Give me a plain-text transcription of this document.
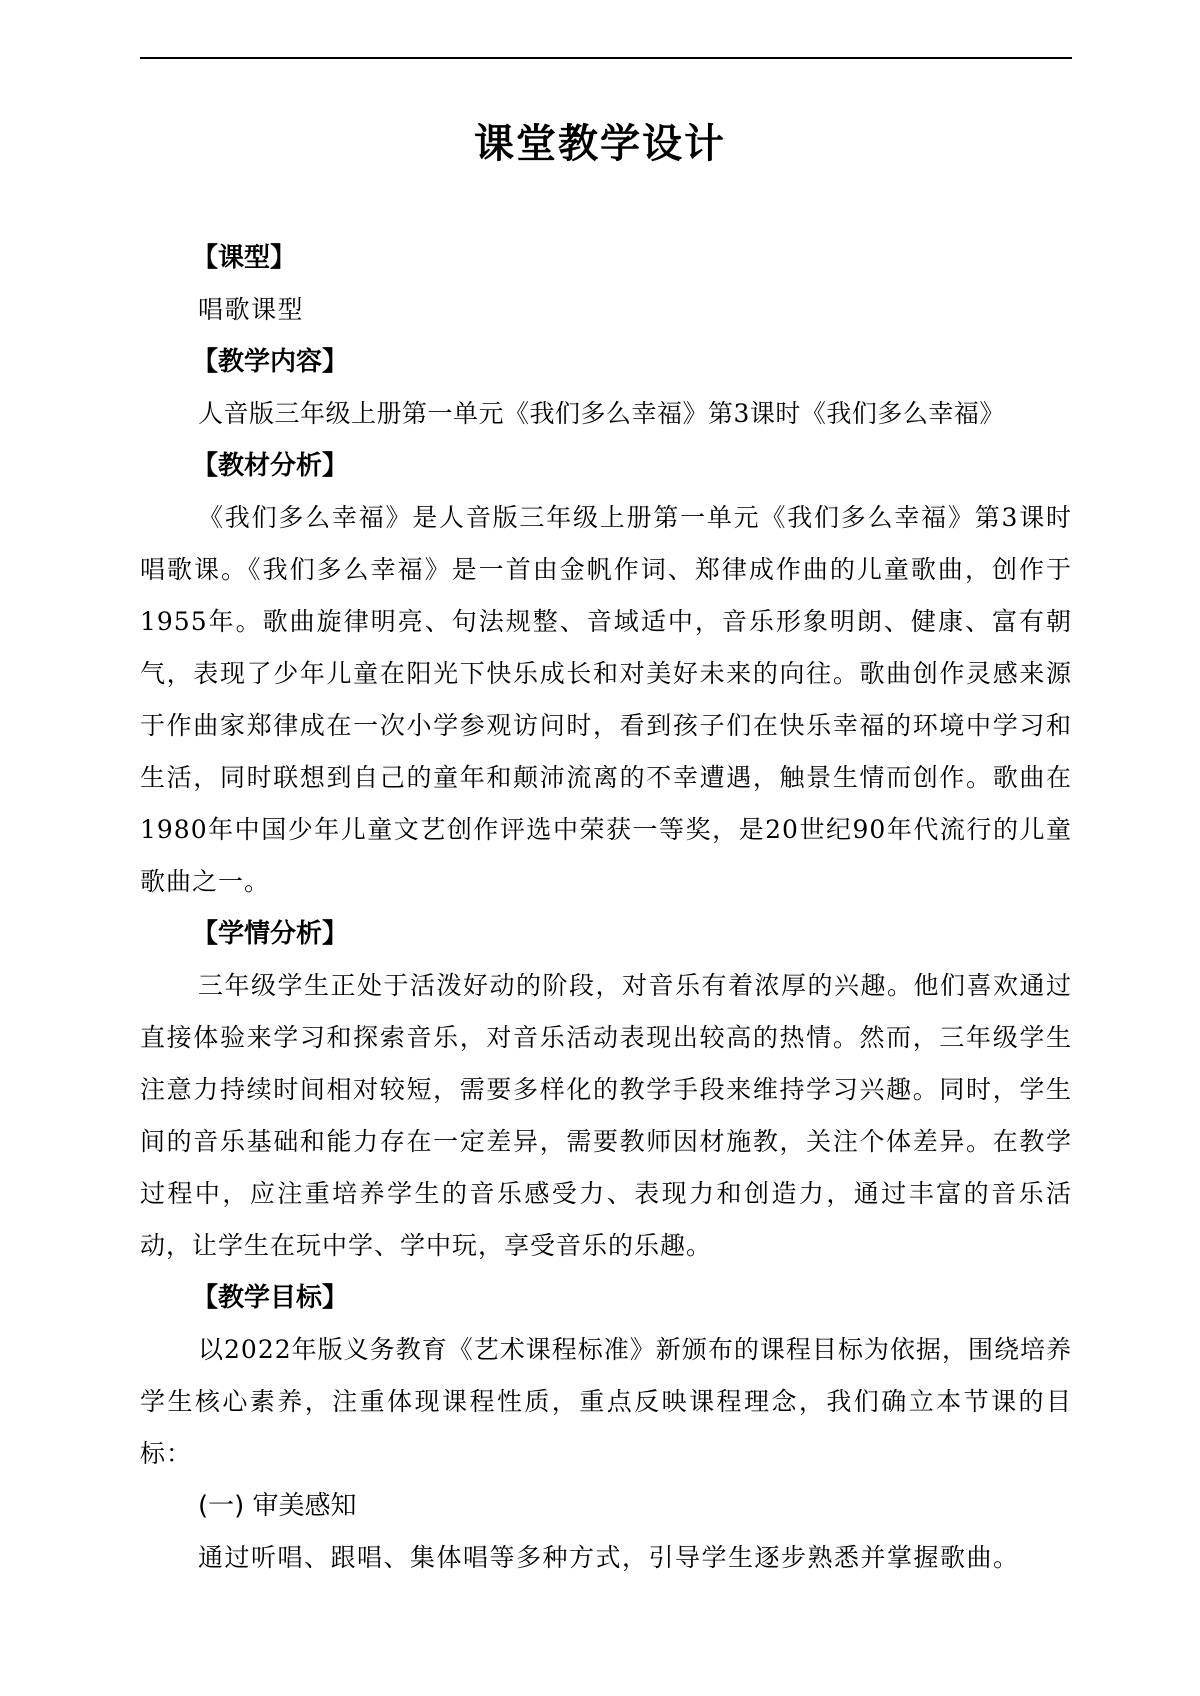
课堂教学设计

【课型】

唱歌课型

【教学内容】

人音版三年级上册第一单元《我们多么幸福》第3课时《我们多么幸福》

【教材分析】

《我们多么幸福》是人音版三年级上册第一单元《我们多么幸福》第3课时唱歌课。《我们多么幸福》是一首由金帆作词、郑律成作曲的儿童歌曲，创作于1955年。歌曲旋律明亮、句法规整、音域适中，音乐形象明朗、健康、富有朝气，表现了少年儿童在阳光下快乐成长和对美好未来的向往。歌曲创作灵感来源于作曲家郑律成在一次小学参观访问时，看到孩子们在快乐幸福的环境中学习和生活，同时联想到自己的童年和颠沛流离的不幸遭遇，触景生情而创作。歌曲在1980年中国少年儿童文艺创作评选中荣获一等奖，是20世纪90年代流行的儿童歌曲之一。

【学情分析】

三年级学生正处于活泼好动的阶段，对音乐有着浓厚的兴趣。他们喜欢通过直接体验来学习和探索音乐，对音乐活动表现出较高的热情。然而，三年级学生注意力持续时间相对较短，需要多样化的教学手段来维持学习兴趣。同时，学生间的音乐基础和能力存在一定差异，需要教师因材施教，关注个体差异。在教学过程中，应注重培养学生的音乐感受力、表现力和创造力，通过丰富的音乐活动，让学生在玩中学、学中玩，享受音乐的乐趣。

【教学目标】

以2022年版义务教育《艺术课程标准》新颁布的课程目标为依据，围绕培养学生核心素养，注重体现课程性质，重点反映课程理念，我们确立本节课的目标：

(一) 审美感知

通过听唱、跟唱、集体唱等多种方式，引导学生逐步熟悉并掌握歌曲。
